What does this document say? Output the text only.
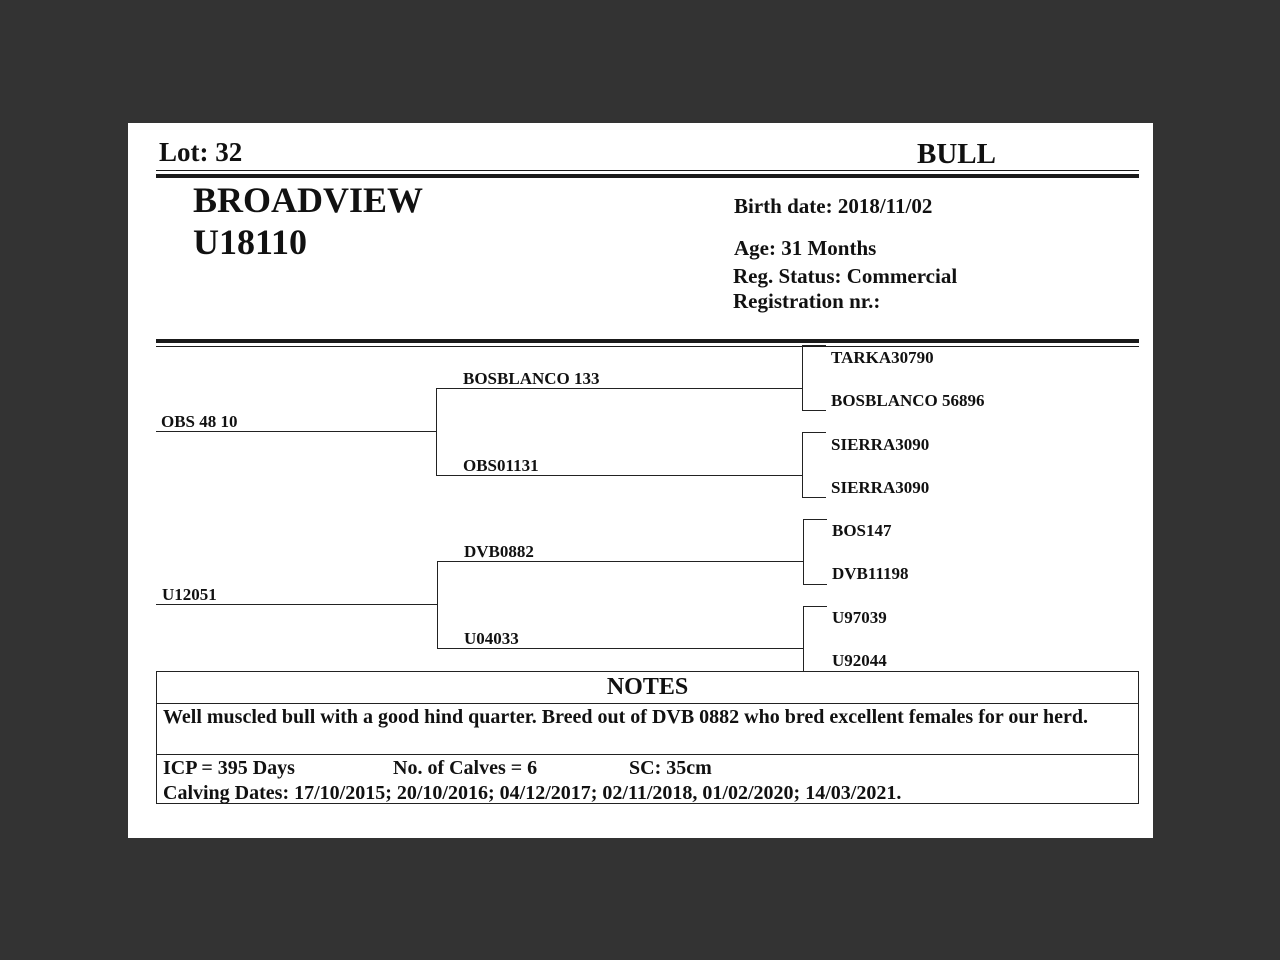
Lot: 32	BULL
BROADVIEW
U18110
Birth date: 2018/11/02
Age: 31 Months
Reg. Status: Commercial
Registration nr.:
OBS 48 10
U12051
BOSBLANCO 133
OBS01131
DVB0882
U04033
TARKA30790
BOSBLANCO 56896
SIERRA3090
SIERRA3090
BOS147
DVB11198
U97039
U92044
NOTES
Well muscled bull with a good hind quarter. Breed out of DVB 0882 who bred excellent females for our herd.
ICP = 395 Days	No. of Calves = 6	SC: 35cm
Calving Dates: 17/10/2015; 20/10/2016; 04/12/2017; 02/11/2018, 01/02/2020; 14/03/2021.
